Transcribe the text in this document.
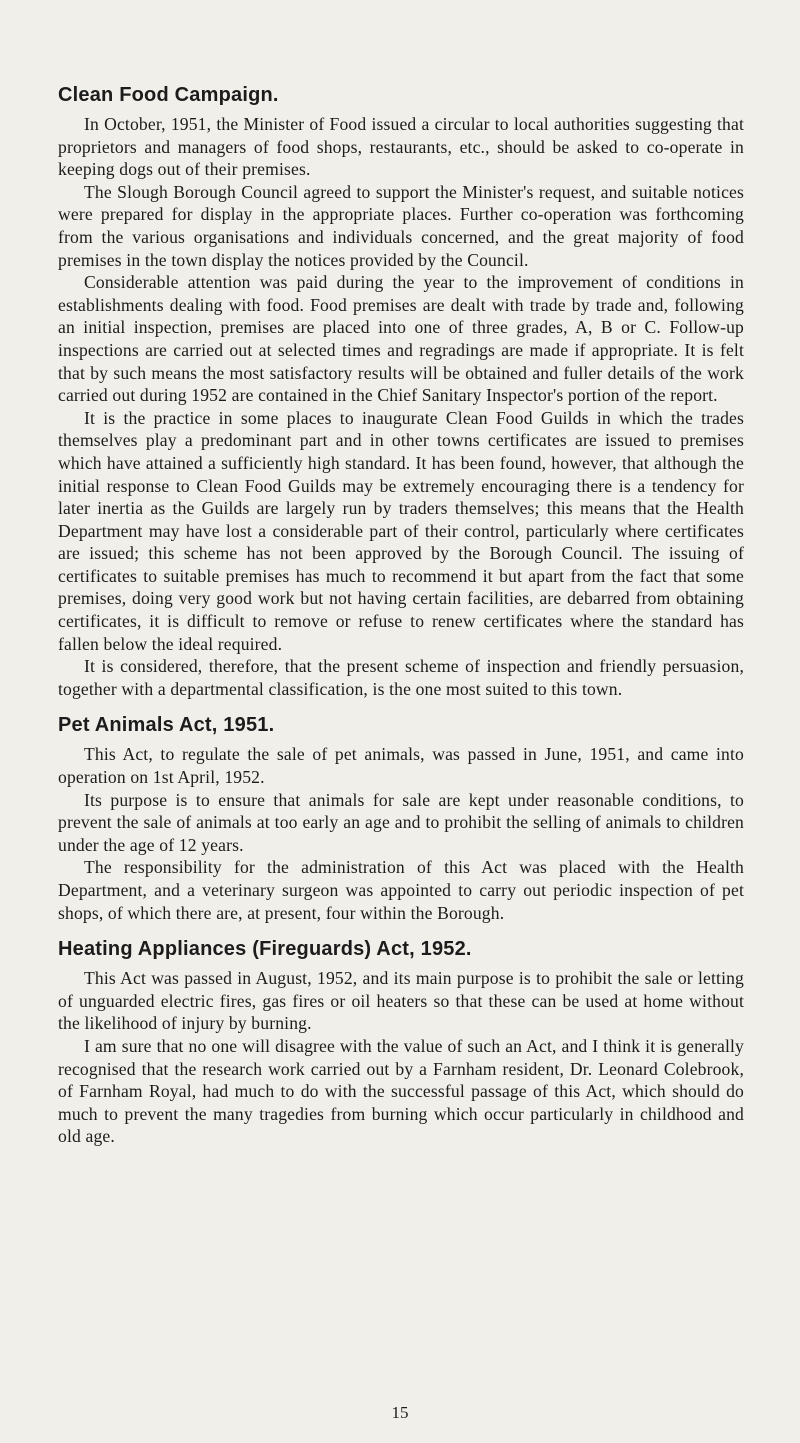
Clean Food Campaign.

In October, 1951, the Minister of Food issued a circular to local authorities suggesting that proprietors and managers of food shops, restaurants, etc., should be asked to co-operate in keeping dogs out of their premises.

The Slough Borough Council agreed to support the Minister's request, and suitable notices were prepared for display in the appropriate places. Further co-operation was forthcoming from the various organisations and individuals concerned, and the great majority of food premises in the town display the notices provided by the Council.

Considerable attention was paid during the year to the improvement of conditions in establishments dealing with food. Food premises are dealt with trade by trade and, following an initial inspection, premises are placed into one of three grades, A, B or C. Follow-up inspections are carried out at selected times and regradings are made if appropriate. It is felt that by such means the most satisfactory results will be obtained and fuller details of the work carried out during 1952 are contained in the Chief Sanitary Inspector's portion of the report.

It is the practice in some places to inaugurate Clean Food Guilds in which the trades themselves play a predominant part and in other towns certificates are issued to premises which have attained a sufficiently high standard. It has been found, however, that although the initial response to Clean Food Guilds may be extremely encouraging there is a tendency for later inertia as the Guilds are largely run by traders themselves; this means that the Health Department may have lost a considerable part of their control, particularly where certificates are issued; this scheme has not been approved by the Borough Council. The issuing of certificates to suitable premises has much to recommend it but apart from the fact that some premises, doing very good work but not having certain facilities, are debarred from obtaining certificates, it is difficult to remove or refuse to renew certificates where the standard has fallen below the ideal required.

It is considered, therefore, that the present scheme of inspection and friendly persuasion, together with a departmental classification, is the one most suited to this town.

Pet Animals Act, 1951.

This Act, to regulate the sale of pet animals, was passed in June, 1951, and came into operation on 1st April, 1952.

Its purpose is to ensure that animals for sale are kept under reasonable conditions, to prevent the sale of animals at too early an age and to prohibit the selling of animals to children under the age of 12 years.

The responsibility for the administration of this Act was placed with the Health Department, and a veterinary surgeon was appointed to carry out periodic inspection of pet shops, of which there are, at present, four within the Borough.

Heating Appliances (Fireguards) Act, 1952.

This Act was passed in August, 1952, and its main purpose is to prohibit the sale or letting of unguarded electric fires, gas fires or oil heaters so that these can be used at home without the likelihood of injury by burning.

I am sure that no one will disagree with the value of such an Act, and I think it is generally recognised that the research work carried out by a Farnham resident, Dr. Leonard Colebrook, of Farnham Royal, had much to do with the successful passage of this Act, which should do much to prevent the many tragedies from burning which occur particularly in childhood and old age.

15
